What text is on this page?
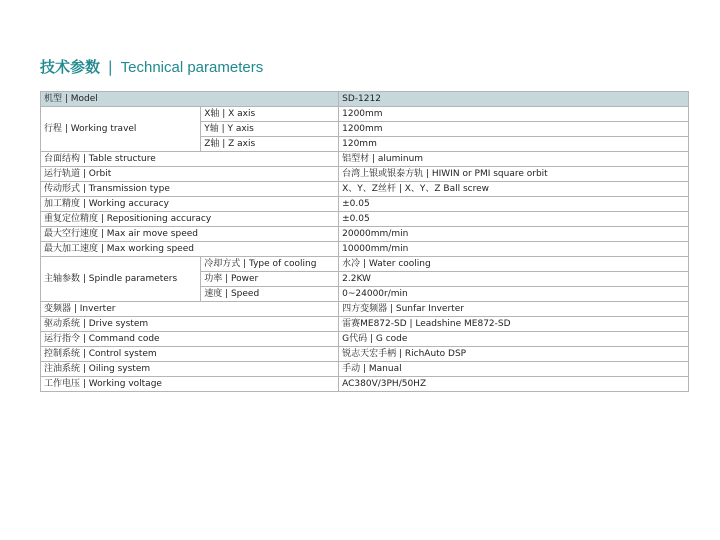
技术参数 | Technical parameters
机型 | Model		SD-1212
行程 | Working travel	X轴 | X axis	1200mm
	Y轴 | Y axis	1200mm
	Z轴 | Z axis	120mm
台面结构 | Table structure		铝型材 | aluminum
运行轨道 | Orbit		台湾上银或银泰方轨 | HIWIN or PMI square orbit
传动形式 | Transmission type		X、Y、Z丝杆 | X、Y、Z Ball screw
加工精度 | Working accuracy		±0.05
重复定位精度 | Repositioning accuracy		±0.05
最大空行速度 | Max air move speed		20000mm/min
最大加工速度 | Max working speed		10000mm/min
主轴参数 | Spindle parameters	冷却方式 | Type of cooling	水冷 | Water cooling
	功率 | Power	2.2KW
	速度 | Speed	0~24000r/min
变频器 | Inverter		四方变频器 | Sunfar Inverter
驱动系统 | Drive system		雷赛ME872-SD | Leadshine ME872-SD
运行指令 | Command code		G代码 | G code
控制系统 | Control system		锐志天宏手柄 | RichAuto DSP
注油系统 | Oiling system		手动 | Manual
工作电压 | Working voltage		AC380V/3PH/50HZ
